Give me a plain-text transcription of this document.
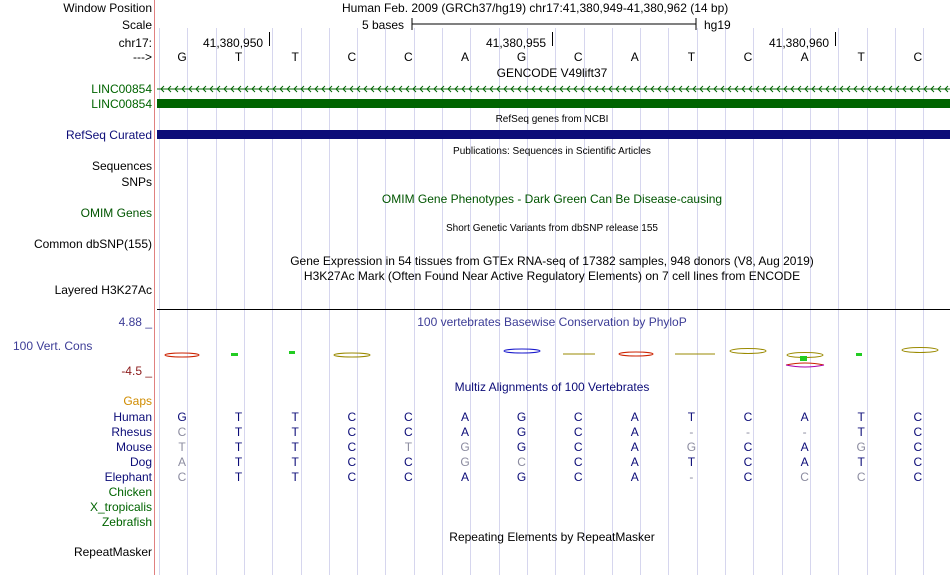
Window Position	Human Feb. 2009 (GRCh37/hg19) chr17:41,380,949-41,380,962 (14 bp)
Scale	5 bases	hg19
chr17:	41,380,950	41,380,955	41,380,960
---> G	T	T	C	C	A	G	C	A	T	C	A	T	C
GENCODE V49lift37
LINC00854
LINC00854
RefSeq genes from NCBI
RefSeq Curated
Publications: Sequences in Scientific Articles
Sequences
SNPs
OMIM Gene Phenotypes - Dark Green Can Be Disease-causing
OMIM Genes
Short Genetic Variants from dbSNP release 155
Common dbSNP(155)
Gene Expression in 54 tissues from GTEx RNA-seq of 17382 samples, 948 donors (V8, Aug 2019)
H3K27Ac Mark (Often Found Near Active Regulatory Elements) on 7 cell lines from ENCODE
Layered H3K27Ac
100 vertebrates Basewise Conservation by PhyloP
4.88 _
100 Vert. Cons
-4.5 _
Multiz Alignments of 100 Vertebrates
Gaps
Human G	T	T	C	C	A	G	C	A	T	C	A	T	C
Rhesus C	T	T	C	C	A	G	C	A	-	-	-	T	C
Mouse T	T	T	C	T	G	G	C	A	G	C	A	G	C
Dog A	T	T	C	C	G	C	C	A	T	C	A	T	C
Elephant C	T	T	C	C	A	G	C	A	-	C	C	C	C
Chicken
X_tropicalis
Zebrafish
Repeating Elements by RepeatMasker
RepeatMasker
